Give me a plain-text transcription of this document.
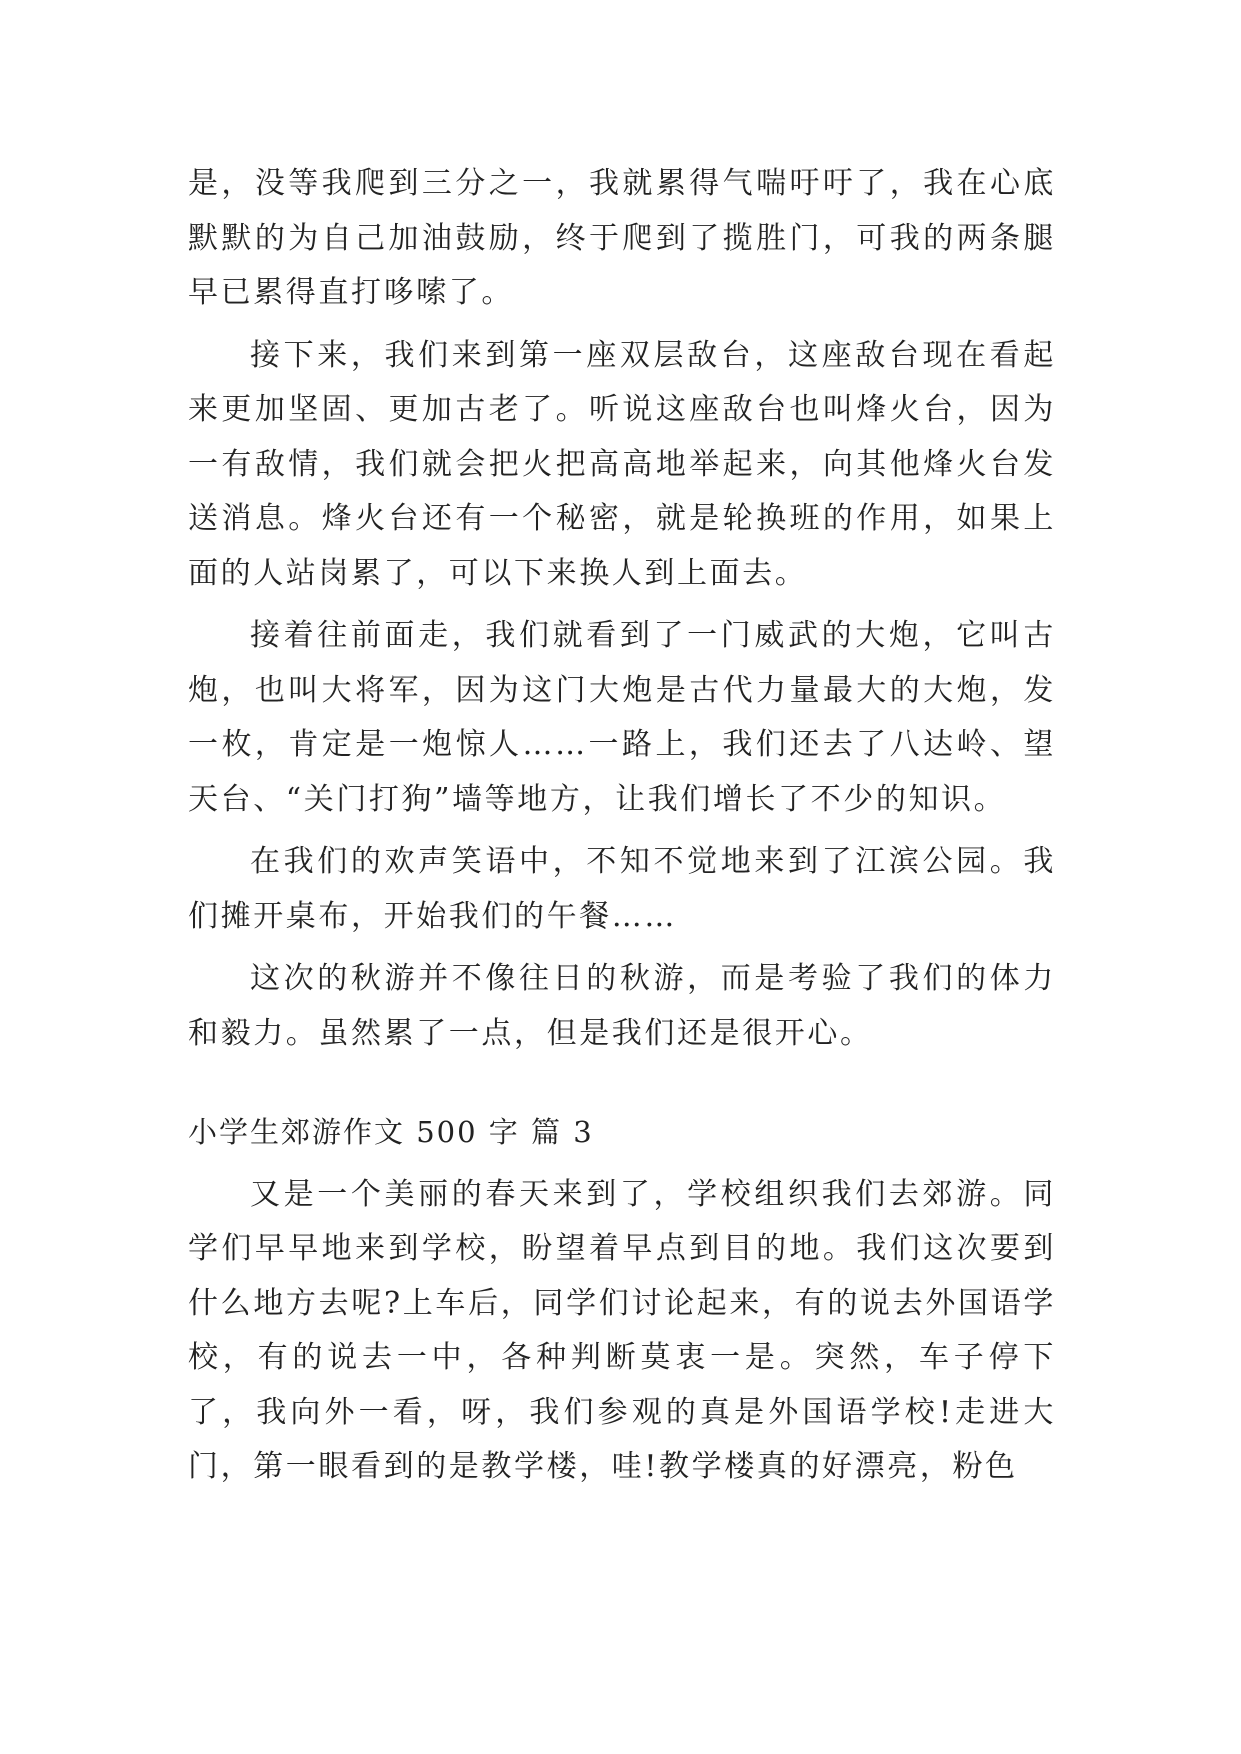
是，没等我爬到三分之一，我就累得气喘吁吁了，我在心底默默的为自己加油鼓励，终于爬到了揽胜门，可我的两条腿早已累得直打哆嗦了。

接下来，我们来到第一座双层敌台，这座敌台现在看起来更加坚固、更加古老了。听说这座敌台也叫烽火台，因为一有敌情，我们就会把火把高高地举起来，向其他烽火台发送消息。烽火台还有一个秘密，就是轮换班的作用，如果上面的人站岗累了，可以下来换人到上面去。

接着往前面走，我们就看到了一门威武的大炮，它叫古炮，也叫大将军，因为这门大炮是古代力量最大的大炮，发一枚，肯定是一炮惊人……一路上，我们还去了八达岭、望天台、“关门打狗”墙等地方，让我们增长了不少的知识。

在我们的欢声笑语中，不知不觉地来到了江滨公园。我们摊开桌布，开始我们的午餐……

这次的秋游并不像往日的秋游，而是考验了我们的体力和毅力。虽然累了一点，但是我们还是很开心。

小学生郊游作文 500 字 篇 3

又是一个美丽的春天来到了，学校组织我们去郊游。同学们早早地来到学校，盼望着早点到目的地。我们这次要到什么地方去呢?上车后，同学们讨论起来，有的说去外国语学校，有的说去一中，各种判断莫衷一是。突然，车子停下了，我向外一看，呀，我们参观的真是外国语学校!走进大门，第一眼看到的是教学楼，哇!教学楼真的好漂亮，粉色
